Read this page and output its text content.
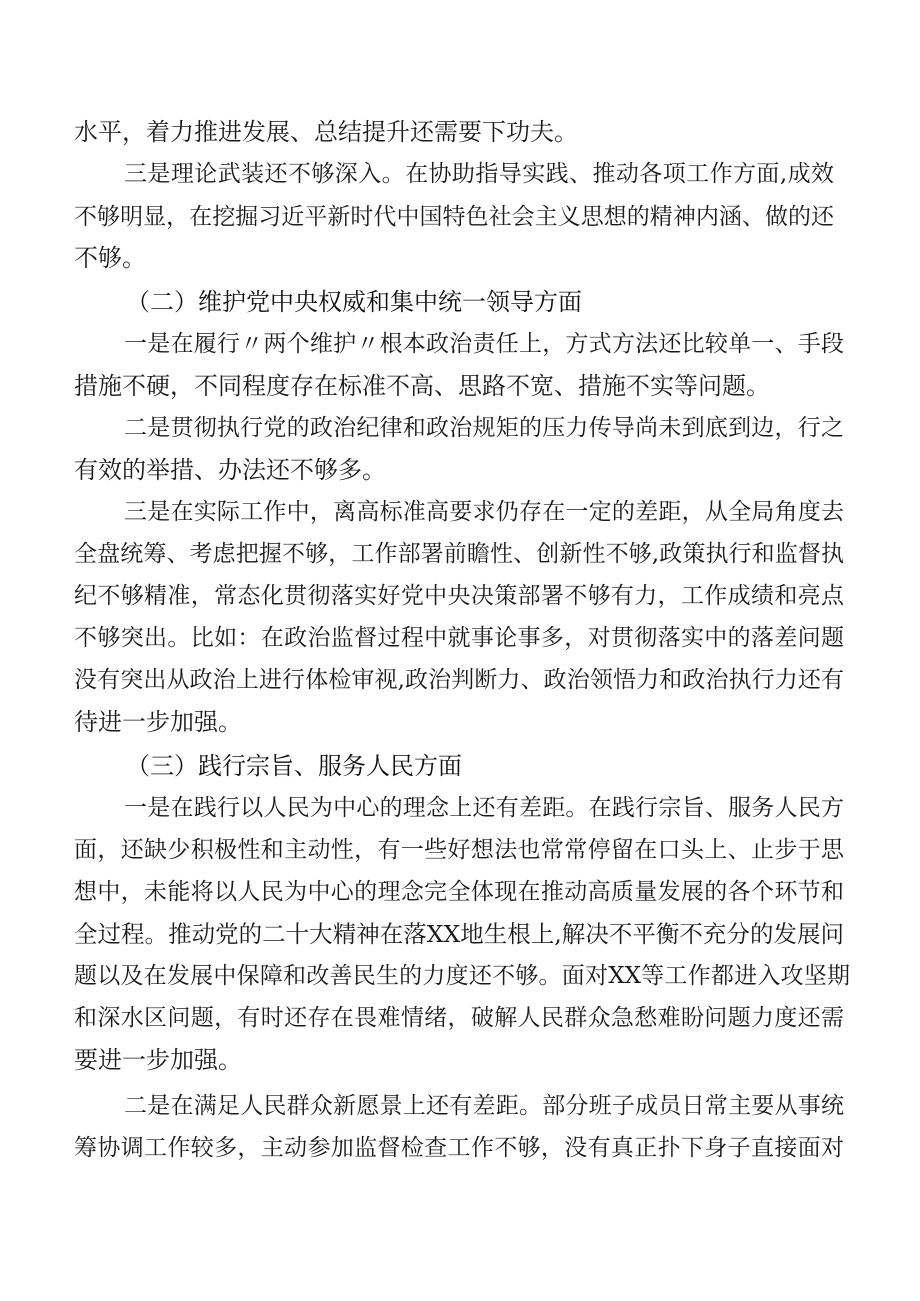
水平，着力推进发展、总结提升还需要下功夫。
三是理论武装还不够深入。在协助指导实践、推动各项工作方面,成效
不够明显，在挖掘习近平新时代中国特色社会主义思想的精神内涵、做的还
不够。
（二）维护党中央权威和集中统一领导方面
一是在履行〃两个维护〃根本政治责任上，方式方法还比较单一、手段
措施不硬，不同程度存在标准不高、思路不宽、措施不实等问题。
二是贯彻执行党的政治纪律和政治规矩的压力传导尚未到底到边，行之
有效的举措、办法还不够多。
三是在实际工作中，离高标准高要求仍存在一定的差距，从全局角度去
全盘统筹、考虑把握不够，工作部署前瞻性、创新性不够,政策执行和监督执
纪不够精准，常态化贯彻落实好党中央决策部署不够有力，工作成绩和亮点
不够突出。比如：在政治监督过程中就事论事多，对贯彻落实中的落差问题
没有突出从政治上进行体检审视,政治判断力、政治领悟力和政治执行力还有
待进一步加强。
（三）践行宗旨、服务人民方面
一是在践行以人民为中心的理念上还有差距。在践行宗旨、服务人民方
面，还缺少积极性和主动性，有一些好想法也常常停留在口头上、止步于思
想中，未能将以人民为中心的理念完全体现在推动高质量发展的各个环节和
全过程。推动党的二十大精神在落XX地生根上,解决不平衡不充分的发展问
题以及在发展中保障和改善民生的力度还不够。面对XX等工作都进入攻坚期
和深水区问题，有时还存在畏难情绪，破解人民群众急愁难盼问题力度还需
要进一步加强。
二是在满足人民群众新愿景上还有差距。部分班子成员日常主要从事统
筹协调工作较多，主动参加监督检查工作不够，没有真正扑下身子直接面对
